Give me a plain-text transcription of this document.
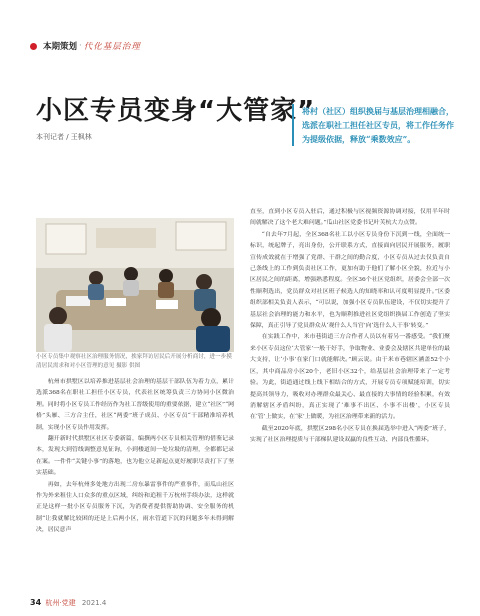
本期策划 · 代化基层治理
小区专员变身“大管家”
本刊记者 / 王枫林
将村（社区）组织换届与基层治理相融合，选派在职社工担任社区专员，将工作任务作为提级依据，释放“乘数效应”。
小区专员集中观察社区治理服务情况，挨家拜访居民后开展分析商讨，进一步摸清居民需求和对小区管理的意见 摄影 供图

杭州市拱墅区以培养推进基层社会治理的基层干部队伍为着力点，累计选派368名在职社工担任小区专员，代表社区统筹负责三方协同小区微治理。同时将小区专员工作经历作为社工晋级使用的重要依据，建立“社区”“网格”头雁、三方合主任，社区“两委”班子成员、小区专员“干部精准培养机制，实现小区专员作用发挥。

翻开新时代拱墅区社区专委新篇，编撰两小区专员相关管理的借鉴记录本，发现大到管线调整意见征询，小到楼道间一处垃圾的清理，全都都记录在案。一件件“关键小事”的落地，也为他立足新起点更好履职尽责打下了坚实基础。

再如，去年杭州多处地方出现二房东暴雷事件的严重事件，而瓜山社区作为外来租住人口众多的重点区域，纠纷和追租千万杭州手续办法，这样就正是这样一批小区专员服务下沉，为消费者提供帮助协调、安全服务的机制“让我就解比较困的还是上后两小区，雨水管道下沉的问题多年未得到解决，居民意声

直至，直到小区专员入驻后，通过积极与区视频资源协调对接，仅用半年时间就解决了这个老大难问题。”瓜山社区党委书记叶芙杭大力点赞。

“自去年7月起，全区368名社工以小区专员身份下沉到一线，全面统一标识，统起牌子，亮出身份，公开联系方式，直接面向居民开展服务，履职宣传成效就在于增强了党群、干群之间的勤合度，小区专员从过去仅负责自己条线上的工作到负责社区工作，更加有助于他们了解小区全貌，拉近与小区居民之间的距离，增强熟悉程度。全区36个社区党组织，居委会全部一次性顺利选出，党员群众对社区班子候选人的知晓率和认可度明显提升。”区委组织部相关负责人表示，“可以说，加强小区专员队伍建设，不仅切实提升了基层社会治理的能力和水平，也为顺利推进社区党组织换届工作创造了坚实保障，真正引导了党员群众从‘观什么人当官’向‘选什么人干事’转变。”

在实践工作中，米市巷街道三方合作者人员以有着另一番感受。“我们聚来小区专员这位‘大管家’一般干好手，争取物业、业委会及辖区共建单位的最大支持，让‘小事’在家门口就能解决。”顾云说。由于米市巷辖区涵盖52个小区，其中商品房小区20个，老旧小区32个，给基层社会治理带来了一定考验。为此，街道通过线上线下相结合的方式，开展专员专项赋能培训，切实提高其领导力，吸收对办理群众最关心、最直接的大事情的经验积累，有效消解辖区矛盾纠纷，真正实现了‘难事不出区、小事不出楼’，小区专员在‘管’上做实，在‘家’上做暖，为社区治理带来新的活力。

截至2020年底，拱墅区298名小区专员在换届选举中进入“两委”班子，实现了社区治理提质与干部梯队建设双赢的良性互动、内部良性循环。

34 杭州·党建 2021.4
